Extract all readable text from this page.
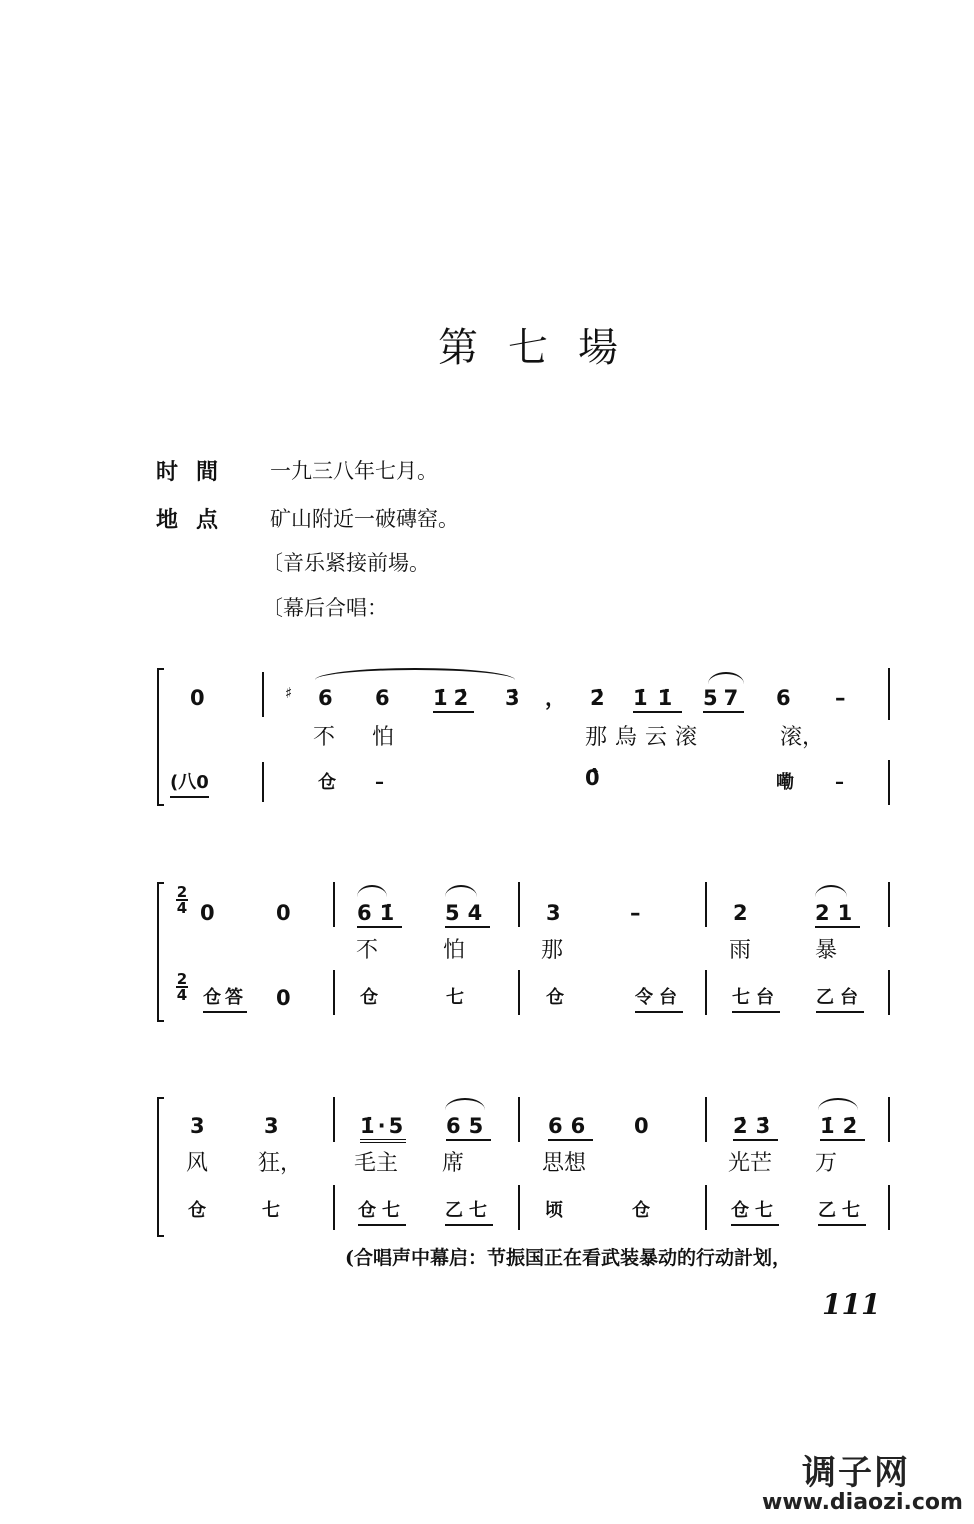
第七場
时間 一九三八年七月。
地点 矿山附近一破磚窑。
〔音乐紧接前場。
〔幕后合唱：
0	♯ 6 6 1̇2̇ 3̇ ， 2̇ 1̇1̇ 57 6 –
不 怕	那 烏 云 滚	滚，
(八0	仓 –	0̂	嘞 –
2
4
2
4
0	0	61̇ 54	3	–	2	21
不	怕	那	雨	暴
仓答 0	仓	七	仓	令台	七台 乙台
3	3	1̇·5 65	66 0	2̇3̇ 1̇2̇
风 狂， 毛主 席	思想	光芒 万
仓	七	仓七 乙七	顷	仓	仓七 乙七
(合唱声中幕启：节振国正在看武装暴动的行动計划，
111
调子网
www.diaozi.com
